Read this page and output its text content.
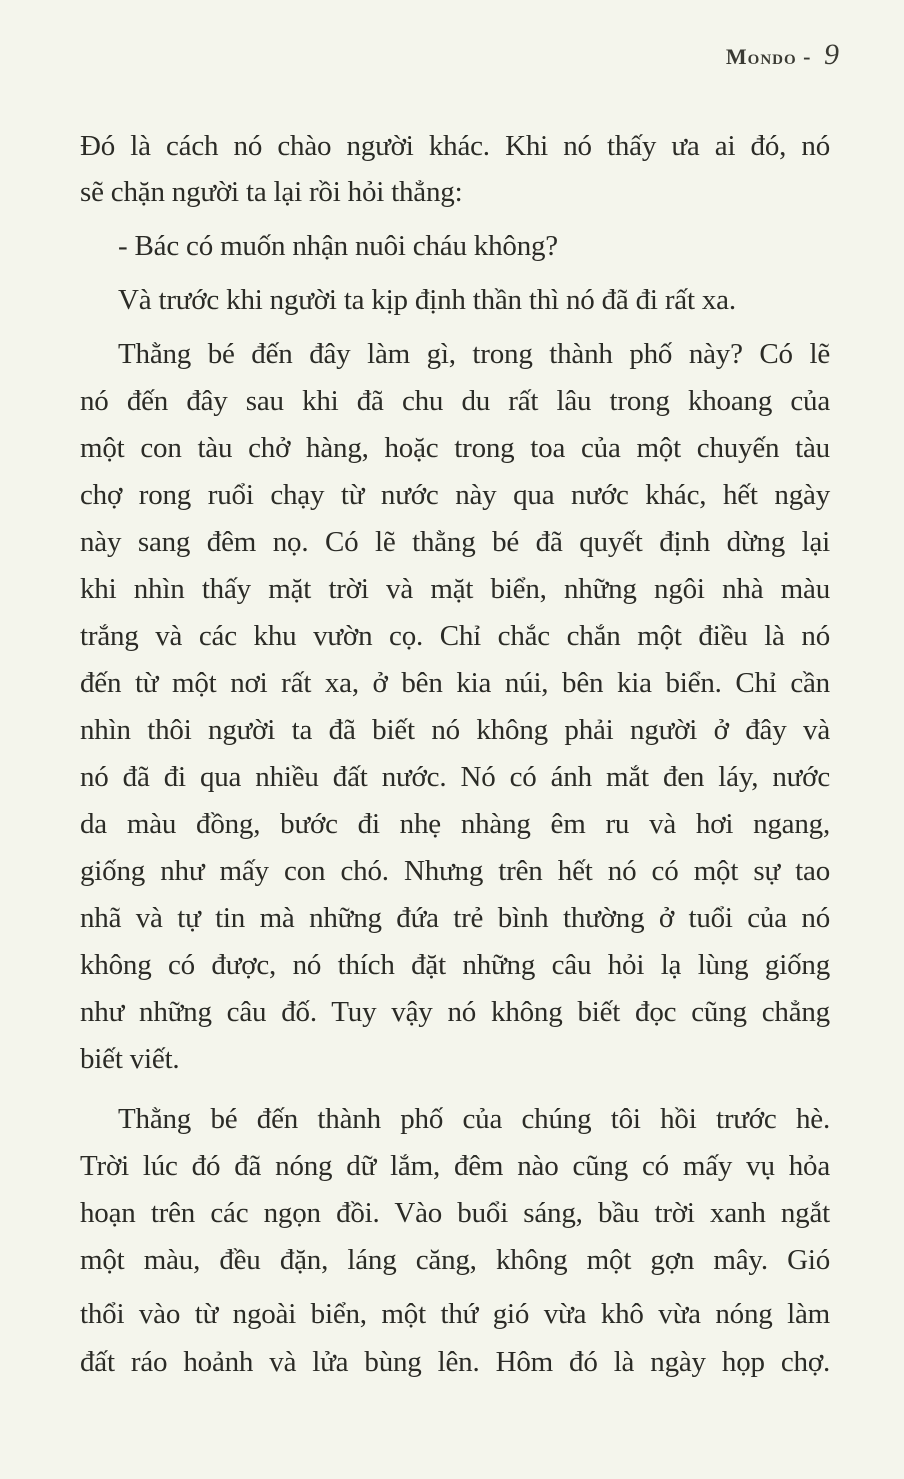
Mondo - 9
Đó là cách nó chào người khác. Khi nó thấy ưa ai đó, nó
sẽ chặn người ta lại rồi hỏi thẳng:
- Bác có muốn nhận nuôi cháu không?
Và trước khi người ta kịp định thần thì nó đã đi rất xa.
Thằng bé đến đây làm gì, trong thành phố này? Có lẽ
nó đến đây sau khi đã chu du rất lâu trong khoang của
một con tàu chở hàng, hoặc trong toa của một chuyến tàu
chợ rong ruổi chạy từ nước này qua nước khác, hết ngày
này sang đêm nọ. Có lẽ thằng bé đã quyết định dừng lại
khi nhìn thấy mặt trời và mặt biển, những ngôi nhà màu
trắng và các khu vườn cọ. Chỉ chắc chắn một điều là nó
đến từ một nơi rất xa, ở bên kia núi, bên kia biển. Chỉ cần
nhìn thôi người ta đã biết nó không phải người ở đây và
nó đã đi qua nhiều đất nước. Nó có ánh mắt đen láy, nước
da màu đồng, bước đi nhẹ nhàng êm ru và hơi ngang,
giống như mấy con chó. Nhưng trên hết nó có một sự tao
nhã và tự tin mà những đứa trẻ bình thường ở tuổi của nó
không có được, nó thích đặt những câu hỏi lạ lùng giống
như những câu đố. Tuy vậy nó không biết đọc cũng chẳng
biết viết.
Thằng bé đến thành phố của chúng tôi hồi trước hè.
Trời lúc đó đã nóng dữ lắm, đêm nào cũng có mấy vụ hỏa
hoạn trên các ngọn đồi. Vào buổi sáng, bầu trời xanh ngắt
một màu, đều đặn, láng căng, không một gợn mây. Gió
thổi vào từ ngoài biển, một thứ gió vừa khô vừa nóng làm
đất ráo hoảnh và lửa bùng lên. Hôm đó là ngày họp chợ.
